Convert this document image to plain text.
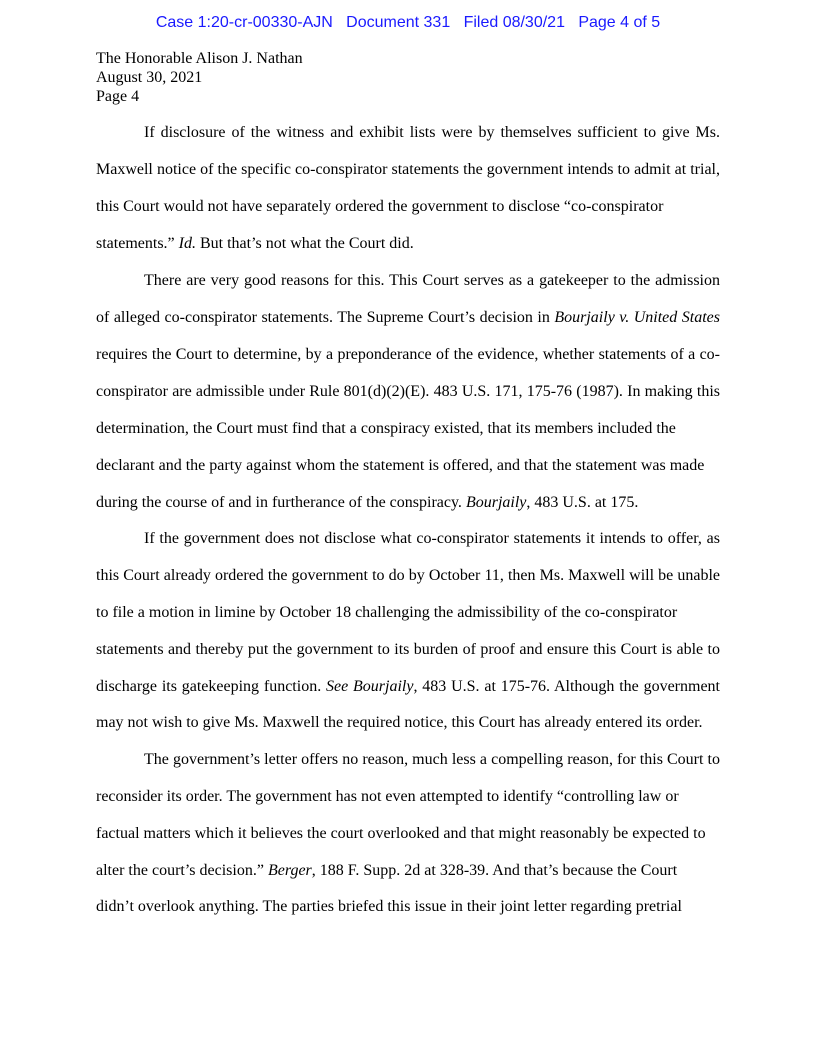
Case 1:20-cr-00330-AJN Document 331 Filed 08/30/21 Page 4 of 5
The Honorable Alison J. Nathan
August 30, 2021
Page 4
If disclosure of the witness and exhibit lists were by themselves sufficient to give Ms.
Maxwell notice of the specific co-conspirator statements the government intends to admit at trial,
this Court would not have separately ordered the government to disclose “co-conspirator
statements.” Id. But that’s not what the Court did.
There are very good reasons for this. This Court serves as a gatekeeper to the admission
of alleged co-conspirator statements. The Supreme Court’s decision in Bourjaily v. United States
requires the Court to determine, by a preponderance of the evidence, whether statements of a co-
conspirator are admissible under Rule 801(d)(2)(E). 483 U.S. 171, 175-76 (1987). In making this
determination, the Court must find that a conspiracy existed, that its members included the
declarant and the party against whom the statement is offered, and that the statement was made
during the course of and in furtherance of the conspiracy. Bourjaily, 483 U.S. at 175.
If the government does not disclose what co-conspirator statements it intends to offer, as
this Court already ordered the government to do by October 11, then Ms. Maxwell will be unable
to file a motion in limine by October 18 challenging the admissibility of the co-conspirator
statements and thereby put the government to its burden of proof and ensure this Court is able to
discharge its gatekeeping function. See Bourjaily, 483 U.S. at 175-76. Although the government
may not wish to give Ms. Maxwell the required notice, this Court has already entered its order.
The government’s letter offers no reason, much less a compelling reason, for this Court to
reconsider its order. The government has not even attempted to identify “controlling law or
factual matters which it believes the court overlooked and that might reasonably be expected to
alter the court’s decision.” Berger, 188 F. Supp. 2d at 328-39. And that’s because the Court
didn’t overlook anything. The parties briefed this issue in their joint letter regarding pretrial
